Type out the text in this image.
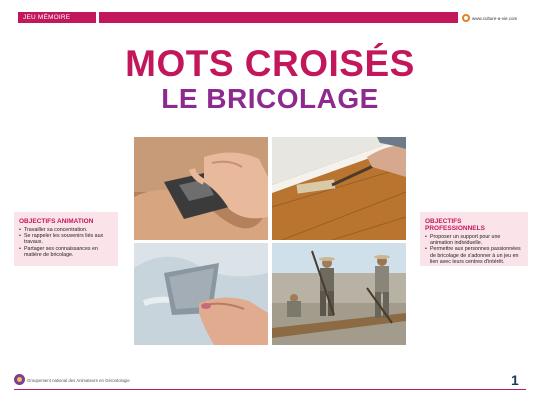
JEU MÉMOIRE	www.culture-a-vie.com
MOTS CROISÉS
LE BRICOLAGE
OBJECTIFS ANIMATION
• Travailler sa concentration.
• Se rappeler les souvenirs liés aux travaux.
• Partager ses connaissances en matière de bricolage.
OBJECTIFS PROFESSIONNELS
• Proposer un support pour une animation individuelle.
• Permettre aux personnes passionnées de bricolage de s'adonner à un jeu en lien avec leurs centres d'intérêt.
Groupement national des Animateurs en Gérontologie	1
